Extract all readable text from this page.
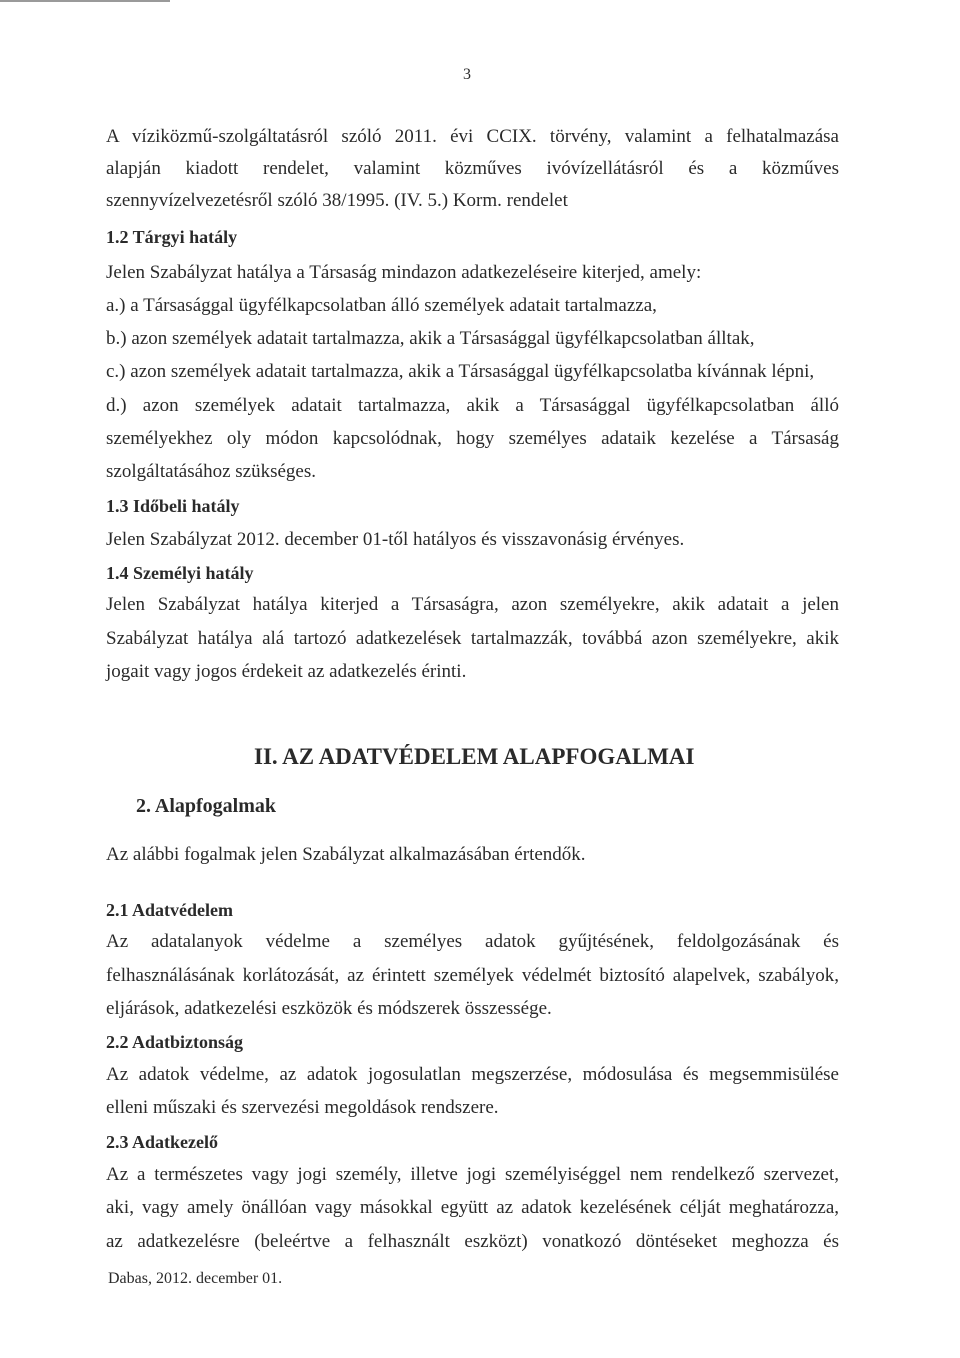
3
A víziközmű-szolgáltatásról szóló 2011. évi CCIX. törvény, valamint a felhatalmazása
alapján kiadott rendelet, valamint közműves ivóvízellátásról és a közműves
szennyvízelvezetésről szóló 38/1995. (IV. 5.) Korm. rendelet
1.2 Tárgyi hatály
Jelen Szabályzat hatálya a Társaság mindazon adatkezeléseire kiterjed, amely:
a.) a Társasággal ügyfélkapcsolatban álló személyek adatait tartalmazza,
b.) azon személyek adatait tartalmazza, akik a Társasággal ügyfélkapcsolatban álltak,
c.) azon személyek adatait tartalmazza, akik a Társasággal ügyfélkapcsolatba kívánnak lépni,
d.) azon személyek adatait tartalmazza, akik a Társasággal ügyfélkapcsolatban álló
személyekhez oly módon kapcsolódnak, hogy személyes adataik kezelése a Társaság
szolgáltatásához szükséges.
1.3 Időbeli hatály
Jelen Szabályzat 2012. december 01-től hatályos és visszavonásig érvényes.
1.4 Személyi hatály
Jelen Szabályzat hatálya kiterjed a Társaságra, azon személyekre, akik adatait a jelen
Szabályzat hatálya alá tartozó adatkezelések tartalmazzák, továbbá azon személyekre, akik
jogait vagy jogos érdekeit az adatkezelés érinti.
II. AZ ADATVÉDELEM ALAPFOGALMAI
2. Alapfogalmak
Az alábbi fogalmak jelen Szabályzat alkalmazásában értendők.
2.1 Adatvédelem
Az adatalanyok védelme a személyes adatok gyűjtésének, feldolgozásának és
felhasználásának korlátozását, az érintett személyek védelmét biztosító alapelvek, szabályok,
eljárások, adatkezelési eszközök és módszerek összessége.
2.2 Adatbiztonság
Az adatok védelme, az adatok jogosulatlan megszerzése, módosulása és megsemmisülése
elleni műszaki és szervezési megoldások rendszere.
2.3 Adatkezelő
Az a természetes vagy jogi személy, illetve jogi személyiséggel nem rendelkező szervezet,
aki, vagy amely önállóan vagy másokkal együtt az adatok kezelésének célját meghatározza,
az adatkezelésre (beleértve a felhasznált eszközt) vonatkozó döntéseket meghozza és
Dabas, 2012. december 01.
